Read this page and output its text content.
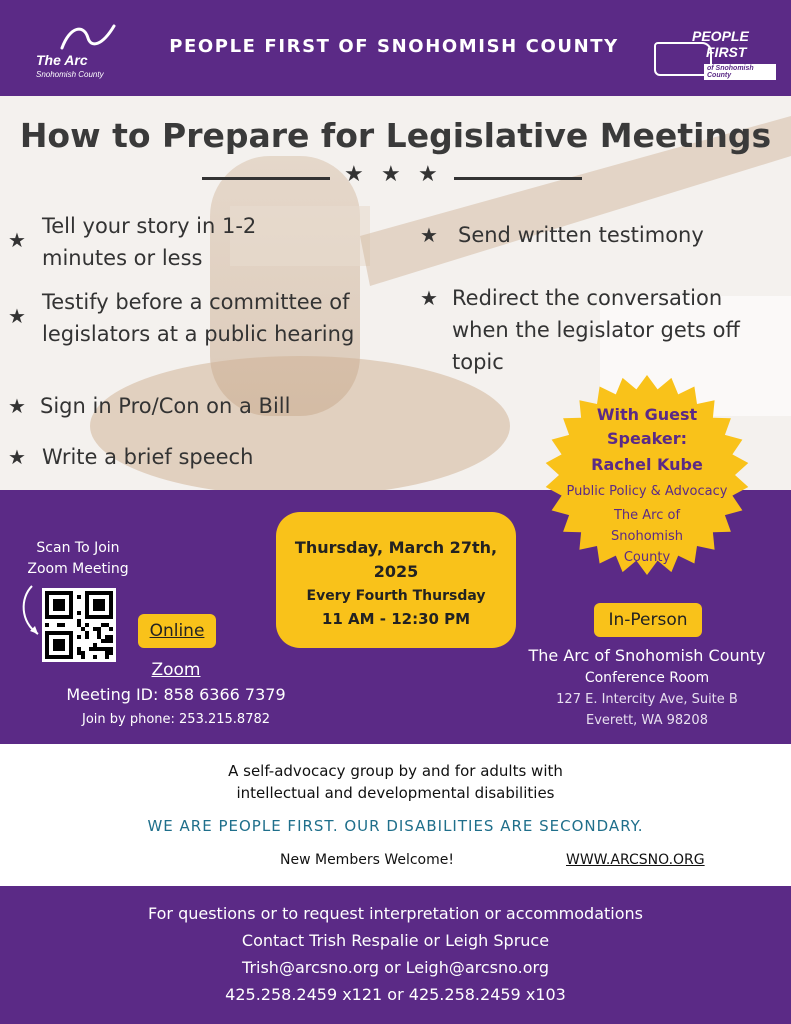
The Arc
Snohomish County
PEOPLE FIRST OF SNOHOMISH COUNTY	PEOPLE
FIRST
of Snohomish County
How to Prepare for Legislative Meetings
★ ★ ★
★
Tell your story in 1-2 minutes or less
★
Testify before a committee of legislators at a public hearing
★ Sign in Pro/Con on a Bill
★ Write a brief speech
★ Send written testimony
★ Redirect the conversation when the legislator gets off topic
With Guest Speaker:
Rachel Kube
Public Policy & Advocacy
The Arc of Snohomish County
Scan To Join Zoom Meeting
Online
Zoom
Meeting ID: 858 6366 7379
Join by phone: 253.215.8782
Thursday, March 27th, 2025
Every Fourth Thursday
11 AM - 12:30 PM	In-Person
The Arc of Snohomish County
Conference Room
127 E. Intercity Ave, Suite B
Everett, WA 98208
A self-advocacy group by and for adults with
intellectual and developmental disabilities
WE ARE PEOPLE FIRST. OUR DISABILITIES ARE SECONDARY.
New Members Welcome!	WWW.ARCSNO.ORG
For questions or to request interpretation or accommodations
Contact Trish Respalie or Leigh Spruce
Trish@arcsno.org or Leigh@arcsno.org
425.258.2459 x121 or 425.258.2459 x103
